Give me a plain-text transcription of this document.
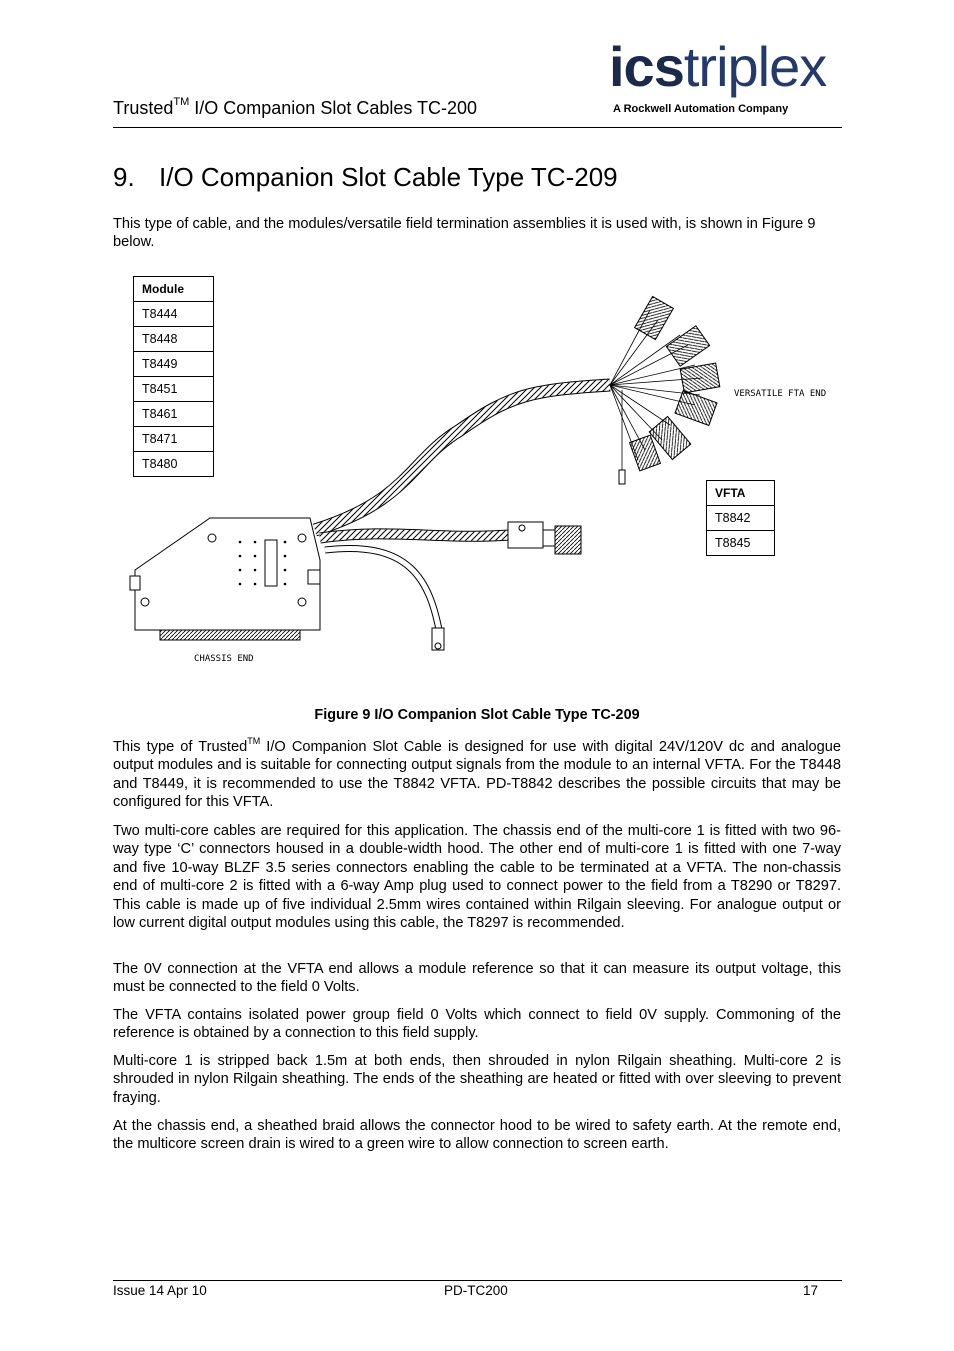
Trusted™ I/O Companion Slot Cables TC-200
icstriplex
A Rockwell Automation Company
9. I/O Companion Slot Cable Type TC-209
This type of cable, and the modules/versatile field termination assemblies it is used with, is shown in Figure 9 below.
CHASSIS END
VERSATILE FTA END
Module
T8444
T8448
T8449
T8451
T8461
T8471
T8480
VFTA
T8842
T8845
Figure 9 I/O Companion Slot Cable Type TC-209
This type of Trusted™ I/O Companion Slot Cable is designed for use with digital 24V/120V dc and analogue output modules and is suitable for connecting output signals from the module to an internal VFTA. For the T8448 and T8449, it is recommended to use the T8842 VFTA. PD-T8842 describes the possible circuits that may be configured for this VFTA.
Two multi-core cables are required for this application. The chassis end of the multi-core 1 is fitted with two 96-way type ‘C’ connectors housed in a double-width hood. The other end of multi-core 1 is fitted with one 7-way and five 10-way BLZF 3.5 series connectors enabling the cable to be terminated at a VFTA. The non-chassis end of multi-core 2 is fitted with a 6-way Amp plug used to connect power to the field from a T8290 or T8297. This cable is made up of five individual 2.5mm wires contained within Rilgain sleeving. For analogue output or low current digital output modules using this cable, the T8297 is recommended.
The 0V connection at the VFTA end allows a module reference so that it can measure its output voltage, this must be connected to the field 0 Volts.
The VFTA contains isolated power group field 0 Volts which connect to field 0V supply. Commoning of the reference is obtained by a connection to this field supply.
Multi-core 1 is stripped back 1.5m at both ends, then shrouded in nylon Rilgain sheathing. Multi-core 2 is shrouded in nylon Rilgain sheathing. The ends of the sheathing are heated or fitted with over sleeving to prevent fraying.
At the chassis end, a sheathed braid allows the connector hood to be wired to safety earth. At the remote end, the multicore screen drain is wired to a green wire to allow connection to screen earth.
Issue 14 Apr 10	PD-TC200	17
